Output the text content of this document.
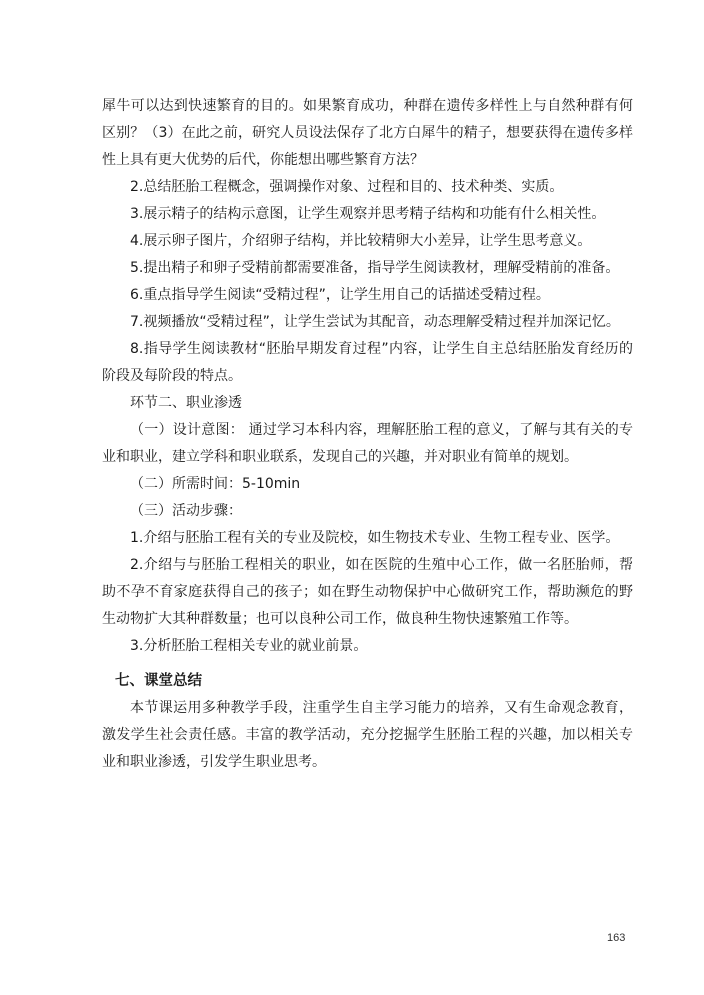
犀牛可以达到快速繁育的目的。如果繁育成功，种群在遗传多样性上与自然种群有何区别？（3）在此之前，研究人员设法保存了北方白犀牛的精子，想要获得在遗传多样性上具有更大优势的后代，你能想出哪些繁育方法？

2.总结胚胎工程概念，强调操作对象、过程和目的、技术种类、实质。

3.展示精子的结构示意图，让学生观察并思考精子结构和功能有什么相关性。

4.展示卵子图片，介绍卵子结构，并比较精卵大小差异，让学生思考意义。

5.提出精子和卵子受精前都需要准备，指导学生阅读教材，理解受精前的准备。

6.重点指导学生阅读“受精过程”，让学生用自己的话描述受精过程。

7.视频播放“受精过程”，让学生尝试为其配音，动态理解受精过程并加深记忆。

8.指导学生阅读教材“胚胎早期发育过程”内容，让学生自主总结胚胎发育经历的阶段及每阶段的特点。

环节二、职业渗透

（一）设计意图： 通过学习本科内容，理解胚胎工程的意义，了解与其有关的专业和职业，建立学科和职业联系，发现自己的兴趣，并对职业有简单的规划。

（二）所需时间：5-10min

（三）活动步骤：

1.介绍与胚胎工程有关的专业及院校，如生物技术专业、生物工程专业、医学。

2.介绍与与胚胎工程相关的职业，如在医院的生殖中心工作，做一名胚胎师，帮助不孕不育家庭获得自己的孩子；如在野生动物保护中心做研究工作，帮助濒危的野生动物扩大其种群数量；也可以良种公司工作，做良种生物快速繁殖工作等。

3.分析胚胎工程相关专业的就业前景。

七、课堂总结

本节课运用多种教学手段，注重学生自主学习能力的培养，又有生命观念教育，激发学生社会责任感。丰富的教学活动，充分挖掘学生胚胎工程的兴趣，加以相关专业和职业渗透，引发学生职业思考。

163
